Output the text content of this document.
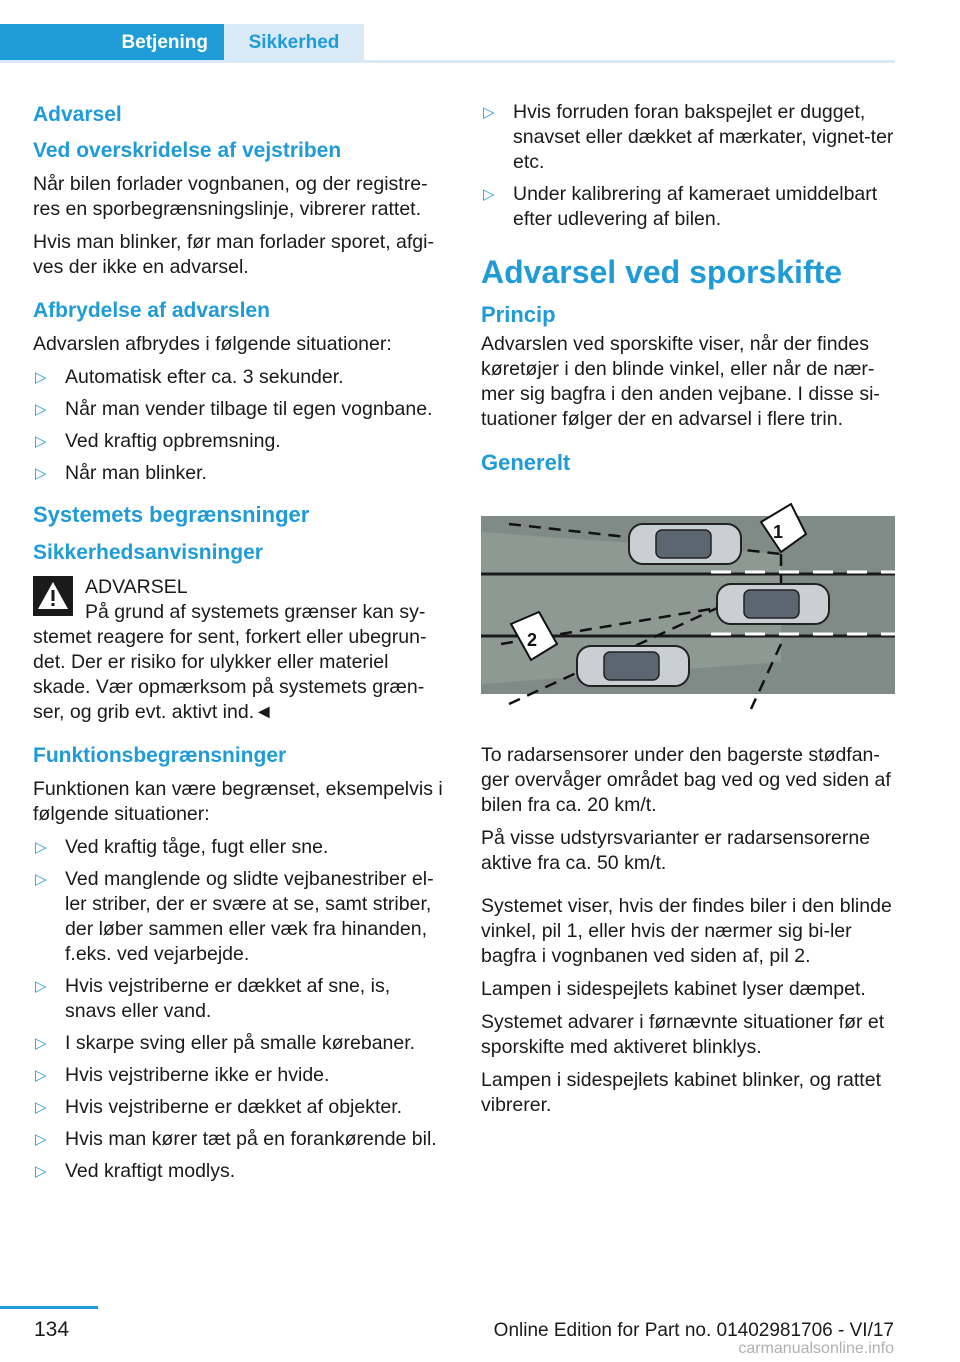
Betjening	Sikkerhed
Advarsel
Ved overskridelse af vejstriben

Når bilen forlader vognbanen, og der registre-res en sporbegrænsningslinje, vibrerer rattet.

Hvis man blinker, før man forlader sporet, afgi-ves der ikke en advarsel.

Afbrydelse af advarslen

Advarslen afbrydes i følgende situationer:

▷ Automatisk efter ca. 3 sekunder.
▷ Når man vender tilbage til egen vognbane.
▷ Ved kraftig opbremsning.
▷ Når man blinker.
Systemets begrænsninger
Sikkerhedsanvisninger
ADVARSEL
På grund af systemets grænser kan sy-stemet reagere for sent, forkert eller ubegrun-det. Der er risiko for ulykker eller materiel skade. Vær opmærksom på systemets græn-ser, og grib evt. aktivt ind.◄
Funktionsbegrænsninger

Funktionen kan være begrænset, eksempelvis i følgende situationer:

▷ Ved kraftig tåge, fugt eller sne.
▷ Ved manglende og slidte vejbanestriber el-ler striber, der er svære at se, samt striber, der løber sammen eller væk fra hinanden, f.eks. ved vejarbejde.
▷ Hvis vejstriberne er dækket af sne, is, snavs eller vand.
▷ I skarpe sving eller på smalle kørebaner.
▷ Hvis vejstriberne ikke er hvide.
▷ Hvis vejstriberne er dækket af objekter.
▷ Hvis man kører tæt på en forankørende bil.
▷ Ved kraftigt modlys.
▷ Hvis forruden foran bakspejlet er dugget, snavset eller dækket af mærkater, vignet-ter etc.
▷ Under kalibrering af kameraet umiddelbart efter udlevering af bilen.
Advarsel ved sporskifte
Princip

Advarslen ved sporskifte viser, når der findes køretøjer i den blinde vinkel, eller når de nær-mer sig bagfra i den anden vejbane. I disse si-tuationer følger der en advarsel i flere trin.

Generelt
1
2

To radarsensorer under den bagerste stødfan-ger overvåger området bag ved og ved siden af bilen fra ca. 20 km/t.

På visse udstyrsvarianter er radarsensorerne aktive fra ca. 50 km/t.

Systemet viser, hvis der findes biler i den blinde vinkel, pil 1, eller hvis der nærmer sig bi-ler bagfra i vognbanen ved siden af, pil 2.

Lampen i sidespejlets kabinet lyser dæmpet.

Systemet advarer i førnævnte situationer før et sporskifte med aktiveret blinklys.

Lampen i sidespejlets kabinet blinker, og rattet vibrerer.

134	Online Edition for Part no. 01402981706 - VI/17
carmanualsonline.info
